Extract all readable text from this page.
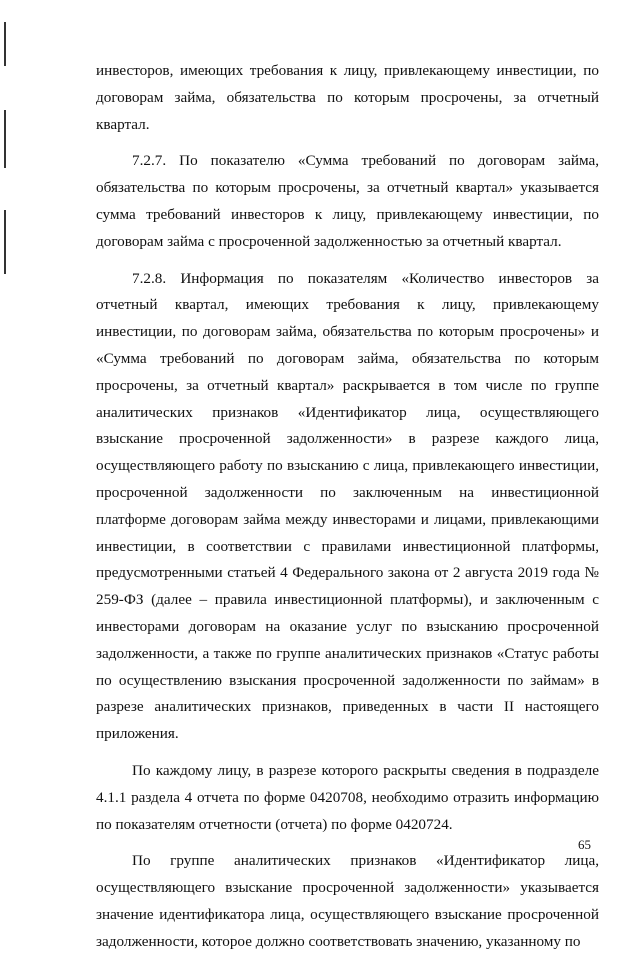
инвесторов, имеющих требования к лицу, привлекающему инвестиции, по договорам займа, обязательства по которым просрочены, за отчетный квартал.

7.2.7. По показателю «Сумма требований по договорам займа, обязательства по которым просрочены, за отчетный квартал» указывается сумма требований инвесторов к лицу, привлекающему инвестиции, по договорам займа с просроченной задолженностью за отчетный квартал.

7.2.8. Информация по показателям «Количество инвесторов за отчетный квартал, имеющих требования к лицу, привлекающему инвестиции, по договорам займа, обязательства по которым просрочены» и «Сумма требований по договорам займа, обязательства по которым просрочены, за отчетный квартал» раскрывается в том числе по группе аналитических признаков «Идентификатор лица, осуществляющего взыскание просроченной задолженности» в разрезе каждого лица, осуществляющего работу по взысканию с лица, привлекающего инвестиции, просроченной задолженности по заключенным на инвестиционной платформе договорам займа между инвесторами и лицами, привлекающими инвестиции, в соответствии с правилами инвестиционной платформы, предусмотренными статьей 4 Федерального закона от 2 августа 2019 года № 259-ФЗ (далее – правила инвестиционной платформы), и заключенным с инвесторами договорам на оказание услуг по взысканию просроченной задолженности, а также по группе аналитических признаков «Статус работы по осуществлению взыскания просроченной задолженности по займам» в разрезе аналитических признаков, приведенных в части II настоящего приложения.

По каждому лицу, в разрезе которого раскрыты сведения в подразделе 4.1.1 раздела 4 отчета по форме 0420708, необходимо отразить информацию по показателям отчетности (отчета) по форме 0420724.

По группе аналитических признаков «Идентификатор лица, осуществляющего взыскание просроченной задолженности» указывается значение идентификатора лица, осуществляющего взыскание просроченной задолженности, которое должно соответствовать значению, указанному по

65
